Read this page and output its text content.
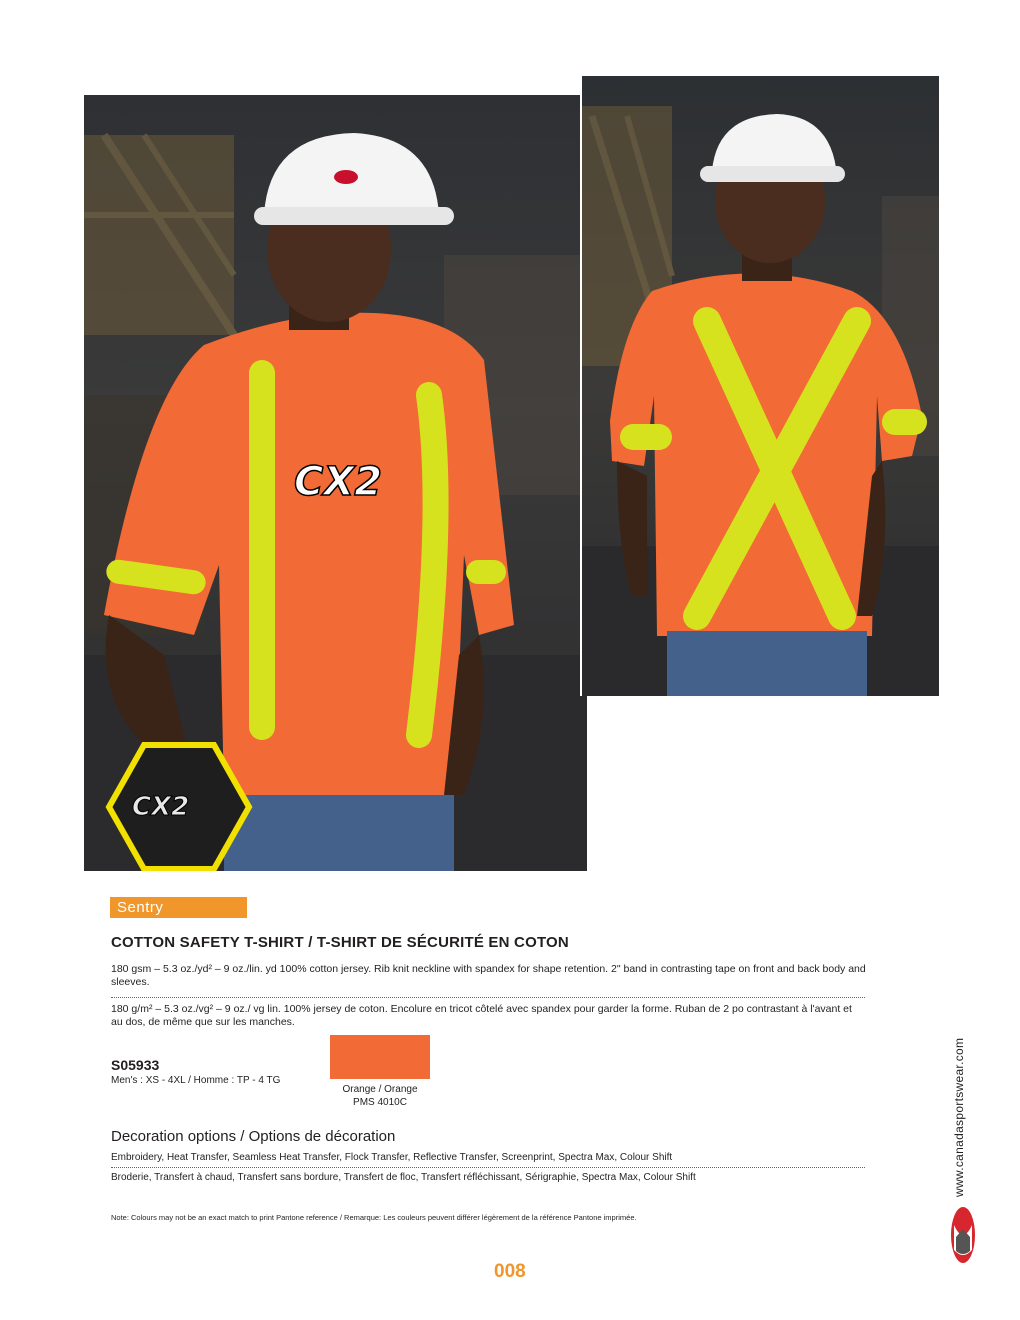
CX2
CX2
Sentry
COTTON SAFETY T-SHIRT / T-SHIRT DE SÉCURITÉ EN COTON
180 gsm – 5.3 oz./yd² – 9 oz./lin. yd 100% cotton jersey. Rib knit neckline with spandex for shape retention. 2" band in contrasting tape on front and back body and sleeves.
180 g/m² – 5.3 oz./vg² – 9 oz./ vg lin. 100% jersey de coton. Encolure en tricot côtelé avec spandex pour garder la forme. Ruban de 2 po contrastant à l'avant et au dos, de même que sur les manches.
S05933
Men's : XS - 4XL / Homme : TP - 4 TG
Orange / Orange
PMS 4010C
Decoration options / Options de décoration
Embroidery, Heat Transfer, Seamless Heat Transfer, Flock Transfer, Reflective Transfer, Screenprint, Spectra Max, Colour Shift
Broderie, Transfert à chaud, Transfert sans bordure, Transfert de floc, Transfert réfléchissant, Sérigraphie, Spectra Max, Colour Shift
Note: Colours may not be an exact match to print Pantone reference / Remarque: Les couleurs peuvent différer légèrement de la référence Pantone imprimée.
008
www.canadasportswear.com
